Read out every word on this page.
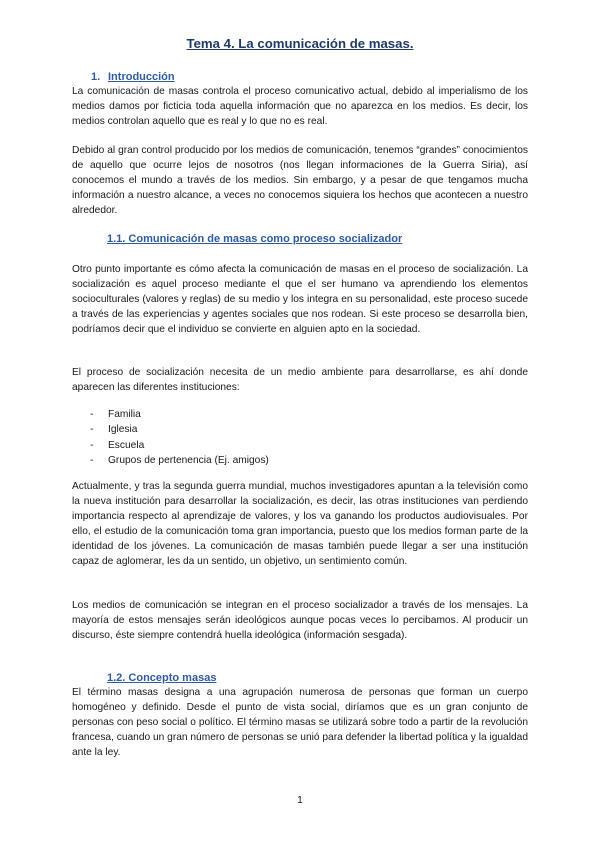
Tema 4. La comunicación de masas.
1. Introducción

La comunicación de masas controla el proceso comunicativo actual, debido al imperialismo de los medios damos por ficticia toda aquella información que no aparezca en los medios. Es decir, los medios controlan aquello que es real y lo que no es real.

Debido al gran control producido por los medios de comunicación, tenemos “grandes” conocimientos de aquello que ocurre lejos de nosotros (nos llegan informaciones de la Guerra Siria), así conocemos el mundo a través de los medios. Sin embargo, y a pesar de que tengamos mucha información a nuestro alcance, a veces no conocemos siquiera los hechos que acontecen a nuestro alrededor.

1.1. Comunicación de masas como proceso socializador

Otro punto importante es cómo afecta la comunicación de masas en el proceso de socialización. La socialización es aquel proceso mediante el que el ser humano va aprendiendo los elementos socioculturales (valores y reglas) de su medio y los integra en su personalidad, este proceso sucede a través de las experiencias y agentes sociales que nos rodean. Si este proceso se desarrolla bien, podríamos decir que el individuo se convierte en alguien apto en la sociedad.

El proceso de socialización necesita de un medio ambiente para desarrollarse, es ahí donde aparecen las diferentes instituciones:

- Familia
- Iglesia
- Escuela
- Grupos de pertenencia (Ej. amigos)

Actualmente, y tras la segunda guerra mundial, muchos investigadores apuntan a la televisión como la nueva institución para desarrollar la socialización, es decir, las otras instituciones van perdiendo importancia respecto al aprendizaje de valores, y los va ganando los productos audiovisuales. Por ello, el estudio de la comunicación toma gran importancia, puesto que los medios forman parte de la identidad de los jóvenes. La comunicación de masas también puede llegar a ser una institución capaz de aglomerar, les da un sentido, un objetivo, un sentimiento común.

Los medios de comunicación se integran en el proceso socializador a través de los mensajes. La mayoría de estos mensajes serán ideológicos aunque pocas veces lo percibamos. Al producir un discurso, éste siempre contendrá huella ideológica (información sesgada).

1.2. Concepto masas

El término masas designa a una agrupación numerosa de personas que forman un cuerpo homogéneo y definido. Desde el punto de vista social, diríamos que es un gran conjunto de personas con peso social o político. El término masas se utilizará sobre todo a partir de la revolución francesa, cuando un gran número de personas se unió para defender la libertad política y la igualdad ante la ley.

1
